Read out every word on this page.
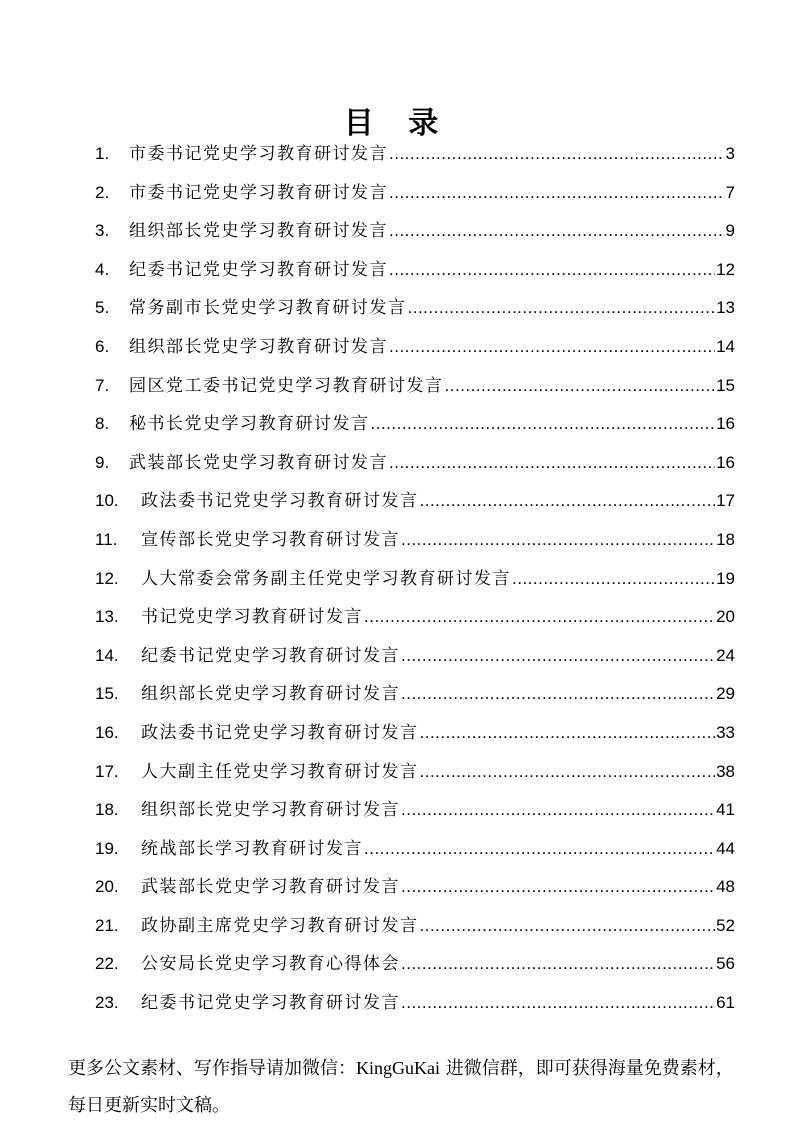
目 录
1.	市委书记党史学习教育研讨发言 .....	3
2.	市委书记党史学习教育研讨发言 .....	7
3.	组织部长党史学习教育研讨发言 .....	9
4.	纪委书记党史学习教育研讨发言 .....	12
5.	常务副市长党史学习教育研讨发言 .....	13
6.	组织部长党史学习教育研讨发言 .....	14
7.	园区党工委书记党史学习教育研讨发言 .....	15
8.	秘书长党史学习教育研讨发言 .....	16
9.	武装部长党史学习教育研讨发言 .....	16
10.	政法委书记党史学习教育研讨发言 .....	17
11.	宣传部长党史学习教育研讨发言 .....	18
12.	人大常委会常务副主任党史学习教育研讨发言 .....	19
13.	书记党史学习教育研讨发言 .....	20
14.	纪委书记党史学习教育研讨发言 .....	24
15.	组织部长党史学习教育研讨发言 .....	29
16.	政法委书记党史学习教育研讨发言 .....	33
17.	人大副主任党史学习教育研讨发言 .....	38
18.	组织部长党史学习教育研讨发言 .....	41
19.	统战部长学习教育研讨发言 .....	44
20.	武装部长党史学习教育研讨发言 .....	48
21.	政协副主席党史学习教育研讨发言 .....	52
22.	公安局长党史学习教育心得体会 .....	56
23.	纪委书记党史学习教育研讨发言 .....	61

更多公文素材、写作指导请加微信：KingGuKai 进微信群，即可获得海量免费素材，每日更新实时文稿。
